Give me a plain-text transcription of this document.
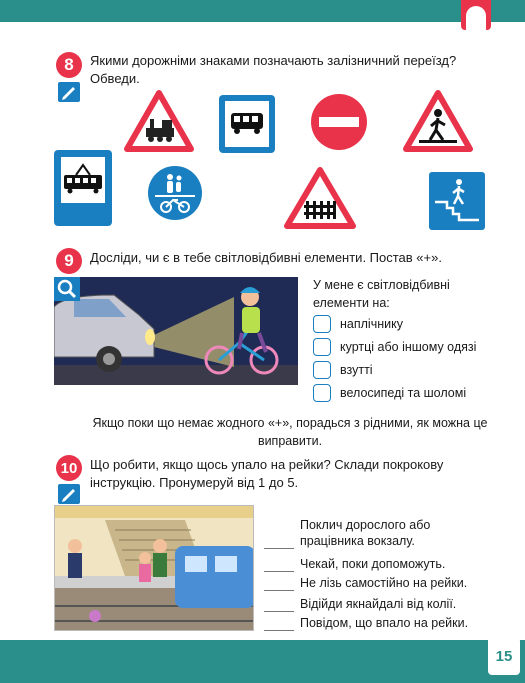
8	Якими дорожніми знаками позначають залізничний переїзд? Обведи.
9	Досліди, чи є в тебе світловідбивні елементи. Постав «+».
У мене є світловідбивні елементи на:
наплічнику
куртці або іншому одязі
взутті
велосипеді та шоломі
Якщо поки що немає жодного «+», порадься з рідними, як можна це виправити.
10 Що робити, якщо щось упало на рейки? Склади покрокову інструкцію. Пронумеруй від 1 до 5.
Поклич дорослого або працівника вокзалу.
Чекай, поки допоможуть.
Не лізь самостійно на рейки.
Відійди якнайдалі від колії.
Повідом, що впало на рейки.
15
